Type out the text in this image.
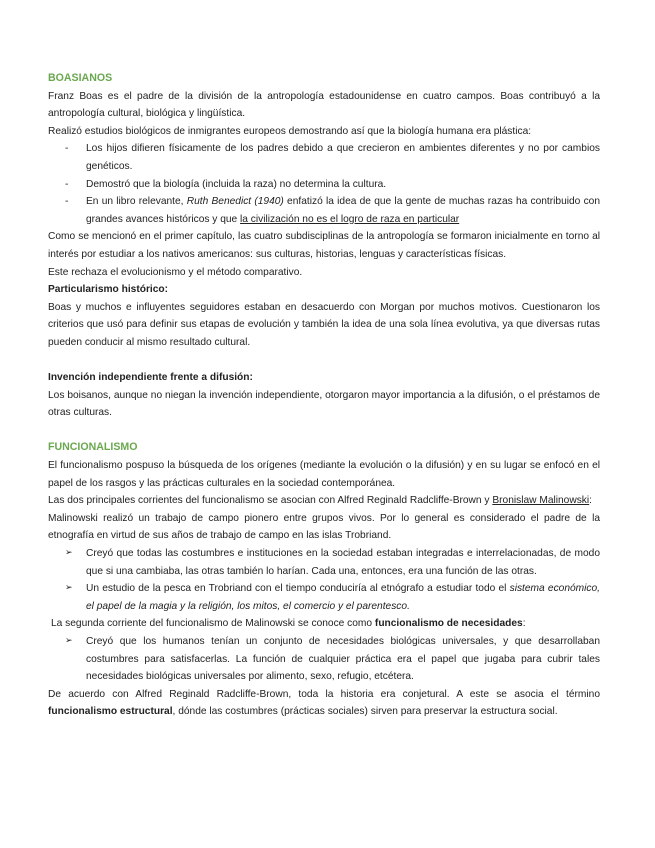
BOASIANOS

Franz Boas es el padre de la división de la antropología estadounidense en cuatro campos. Boas contribuyó a la antropología cultural, biológica y lingüística.

Realizó estudios biológicos de inmigrantes europeos demostrando así que la biología humana era plástica:

- Los hijos difieren físicamente de los padres debido a que crecieron en ambientes diferentes y no por cambios genéticos.
- Demostró que la biología (incluida la raza) no determina la cultura.
- En un libro relevante, Ruth Benedict (1940) enfatizó la idea de que la gente de muchas razas ha contribuido con grandes avances históricos y que la civilización no es el logro de raza en particular

Como se mencionó en el primer capítulo, las cuatro subdisciplinas de la antropología se formaron inicialmente en torno al interés por estudiar a los nativos americanos: sus culturas, historias, lenguas y características físicas.

Este rechaza el evolucionismo y el método comparativo.

Particularismo histórico:

Boas y muchos e influyentes seguidores estaban en desacuerdo con Morgan por muchos motivos. Cuestionaron los criterios que usó para definir sus etapas de evolución y también la idea de una sola línea evolutiva, ya que diversas rutas pueden conducir al mismo resultado cultural.

Invención independiente frente a difusión:

Los boisanos, aunque no niegan la invención independiente, otorgaron mayor importancia a la difusión, o el préstamos de otras culturas.

FUNCIONALISMO

El funcionalismo pospuso la búsqueda de los orígenes (mediante la evolución o la difusión) y en su lugar se enfocó en el papel de los rasgos y las prácticas culturales en la sociedad contemporánea.

Las dos principales corrientes del funcionalismo se asocian con Alfred Reginald Radcliffe-Brown y Bronislaw Malinowski:

Malinowski realizó un trabajo de campo pionero entre grupos vivos. Por lo general es considerado el padre de la etnografía en virtud de sus años de trabajo de campo en las islas Trobriand.

➢ Creyó que todas las costumbres e instituciones en la sociedad estaban integradas e interrelacionadas, de modo que si una cambiaba, las otras también lo harían. Cada una, entonces, era una función de las otras.
➢ Un estudio de la pesca en Trobriand con el tiempo conduciría al etnógrafo a estudiar todo el sistema económico, el papel de la magia y la religión, los mitos, el comercio y el parentesco.

La segunda corriente del funcionalismo de Malinowski se conoce como funcionalismo de necesidades:

➢ Creyó que los humanos tenían un conjunto de necesidades biológicas universales, y que desarrollaban costumbres para satisfacerlas. La función de cualquier práctica era el papel que jugaba para cubrir tales necesidades biológicas universales por alimento, sexo, refugio, etcétera.

De acuerdo con Alfred Reginald Radcliffe-Brown, toda la historia era conjetural. A este se asocia el término funcionalismo estructural, dónde las costumbres (prácticas sociales) sirven para preservar la estructura social.
